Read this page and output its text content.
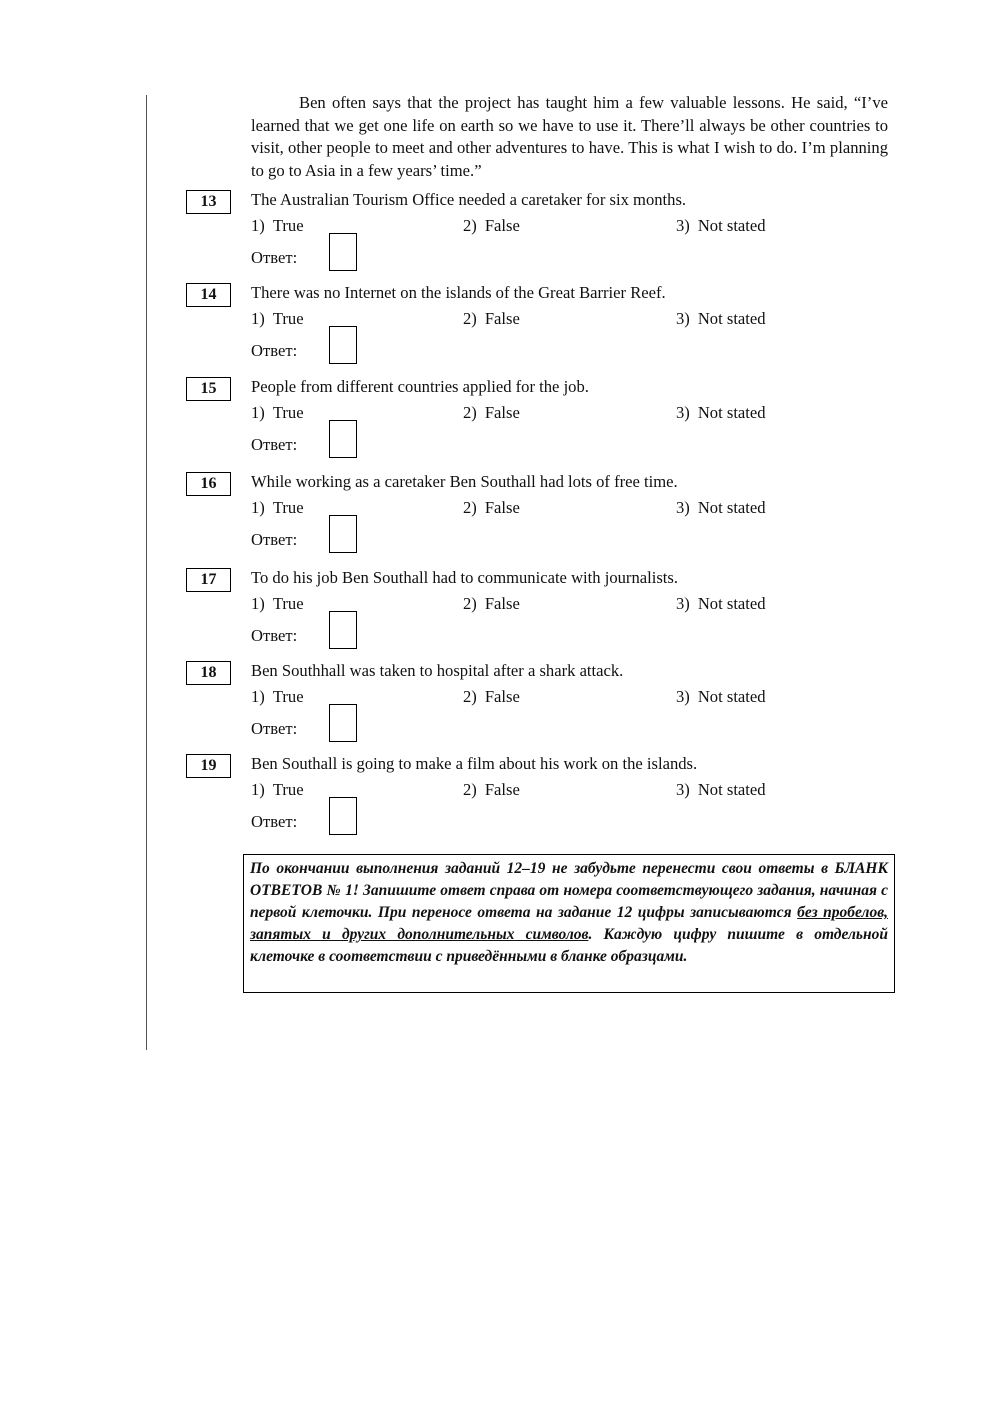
Ben often says that the project has taught him a few valuable lessons. He said, “I’ve learned that we get one life on earth so we have to use it. There’ll always be other countries to visit, other people to meet and other adventures to have. This is what I wish to do. I’m planning to go to Asia in a few years’ time.”
13	The Australian Tourism Office needed a caretaker for six months.
1) True	2) False	3) Not stated
Ответ:
14	There was no Internet on the islands of the Great Barrier Reef.
1) True	2) False	3) Not stated
Ответ:
15	People from different countries applied for the job.
1) True	2) False	3) Not stated
Ответ:
16	While working as a caretaker Ben Southall had lots of free time.
1) True	2) False	3) Not stated
Ответ:
17	To do his job Ben Southall had to communicate with journalists.
1) True	2) False	3) Not stated
Ответ:
18	Ben Southhall was taken to hospital after a shark attack.
1) True	2) False	3) Not stated
Ответ:
19	Ben Southall is going to make a film about his work on the islands.
1) True	2) False	3) Not stated
Ответ:
По окончании выполнения заданий 12–19 не забудьте перенести свои ответы в БЛАНК ОТВЕТОВ № 1! Запишите ответ справа от номера соответствующего задания, начиная с первой клеточки. При переносе ответа на задание 12 цифры записываются без пробелов, запятых и других дополнительных символов. Каждую цифру пишите в отдельной клеточке в соответствии с приведёнными в бланке образцами.
